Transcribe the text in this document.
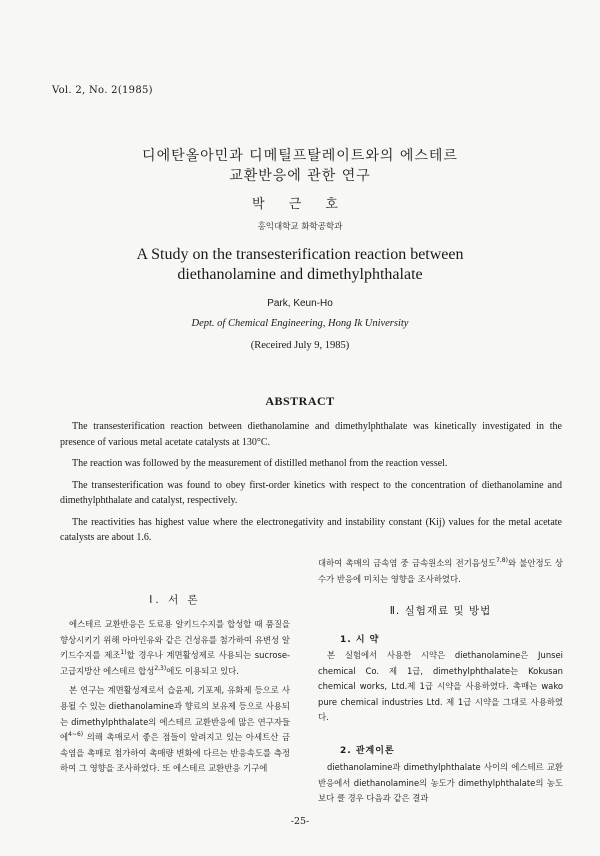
Vol. 2, No. 2(1985)
디에탄올아민과 디메틸프탈레이트와의 에스테르
교환반응에 관한 연구
박 근 호
홍익대학교 화학공학과
A Study on the transesterification reaction between
diethanolamine and dimethylphthalate
Park, Keun-Ho
Dept. of Chemical Engineering, Hong Ik University
(Receired July 9, 1985)
ABSTRACT

The transesterification reaction between diethanolamine and dimethylphthalate was kinetically investigated in the presence of various metal acetate catalysts at 130°C.

The reaction was followed by the measurement of distilled methanol from the reaction vessel.

The transesterification was found to obey first-order kinetics with respect to the concentration of diethanolamine and dimethylphthalate and catalyst, respectively.

The reactivities has highest value where the electronegativity and instability constant (Kij) values for the metal acetate catalysts are about 1.6.

I. 서 론

에스테르 교환반응은 도료용 알키드수지를 합성할 때 품질을 향상시키기 위해 아마인유와 같은 건성유를 첨가하여 유변성 알키드수지를 제조$^{1)}$할 경우나 계면활성제로 사용되는 sucrose-고급지방산 에스테르 합성$^{2,3)}$에도 이용되고 있다.

본 연구는 계면활성제로서 습윤제, 기포제, 유화제 등으로 사용될 수 있는 diethanolamine과 향료의 보유제 등으로 사용되는 dimethylphthalate의 에스테르 교환반응에 많은 연구자들에$^{4\sim 6)}$ 의해 촉매로서 좋은 점들이 알려지고 있는 아세트산 금속염을 촉매로 첨가하여 촉매량 변화에 다르는 반응속도를 측정하여 그 영향을 조사하였다. 또 에스테르 교환반응 기구에

대하여 촉매의 금속염 중 금속원소의 전기음성도$^{7,8)}$와 불안정도 상수가 반응에 미치는 영향을 조사하였다.

Ⅱ. 실험재료 및 방법
1. 시 약

본 실험에서 사용한 시약은 diethanolamine은 Junsei chemical Co. 제 1급, dimethylphthalate는 Kokusan chemical works, Ltd.제 1급 시약을 사용하였다. 촉매는 wako pure chemical industries Ltd. 제 1급 시약을 그대로 사용하였다.

2. 관계이론

diethanolamine과 dimethylphthalate 사이의 에스테르 교환반응에서 diethanolamine의 농도가 dimethylphthalate의 농도보다 클 경우 다음과 같은 결과

-25-
